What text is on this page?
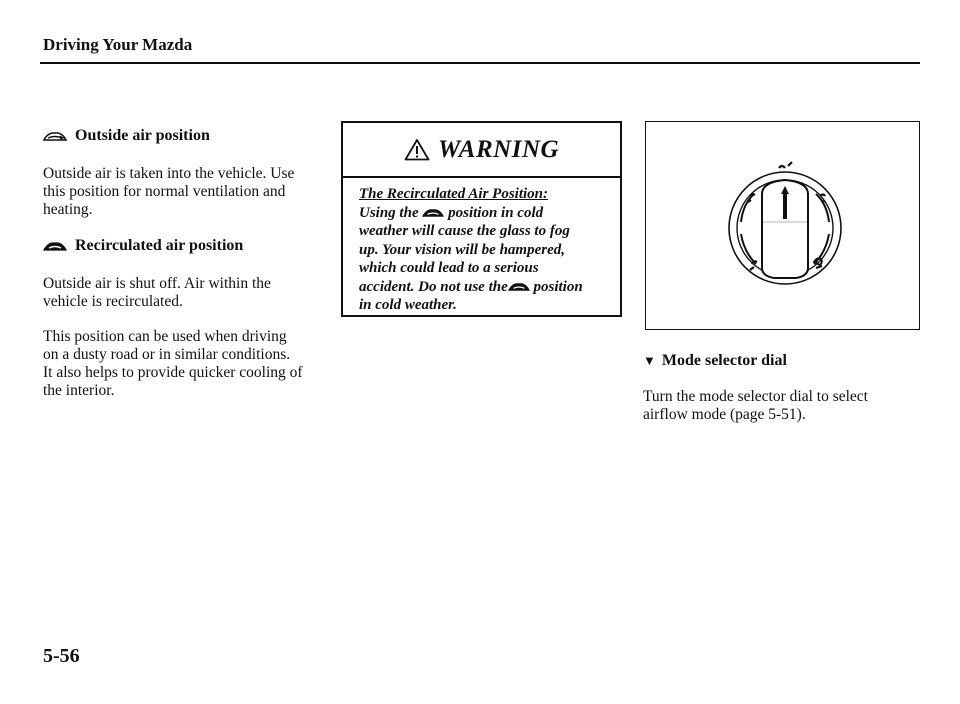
Driving Your Mazda
Outside air position
Outside air is taken into the vehicle. Use
this position for normal ventilation and
heating.
Recirculated air position
Outside air is shut off. Air within the
vehicle is recirculated.
This position can be used when driving
on a dusty road or in similar conditions.
It also helps to provide quicker cooling of
the interior.
WARNING
The Recirculated Air Position:
Using the  position in cold
weather will cause the glass to fog
up. Your vision will be hampered,
which could lead to a serious
accident. Do not use the position
in cold weather.
▼ Mode selector dial
Turn the mode selector dial to select
airflow mode (page 5-51).
5-56
